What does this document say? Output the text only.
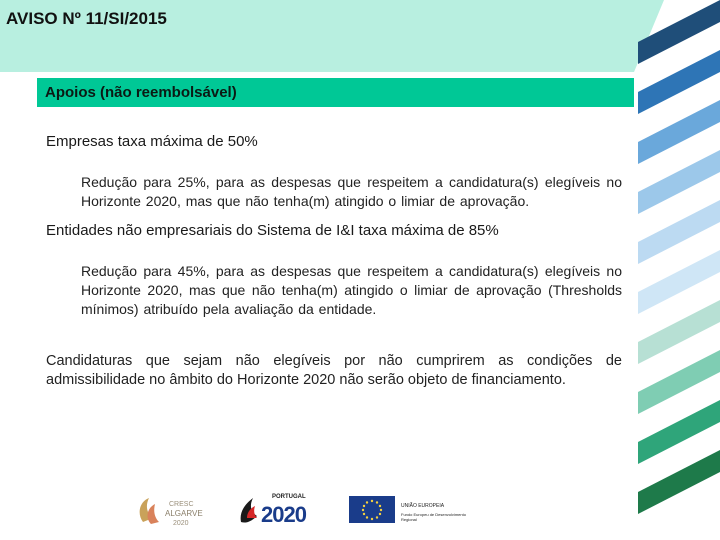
AVISO Nº 11/SI/2015
Apoios (não reembolsável)
Empresas taxa máxima de 50%
Redução para 25%, para as despesas que respeitem a candidatura(s) elegíveis no Horizonte 2020, mas que não tenha(m) atingido o limiar de aprovação.
Entidades não empresariais do Sistema de I&I taxa máxima de 85%
Redução para 45%, para as despesas que respeitem a candidatura(s) elegíveis no Horizonte 2020, mas que não tenha(m) atingido o limiar de aprovação (Thresholds mínimos) atribuído pela avaliação da entidade.
Candidaturas que sejam não elegíveis por não cumprirem as condições de admissibilidade no âmbito do Horizonte 2020 não serão objeto de financiamento.
CRESC
ALGARVE
2020
PORTUGAL
2020	UNIÃO EUROPEIA
Fundo Europeu de Desenvolvimento Regional
